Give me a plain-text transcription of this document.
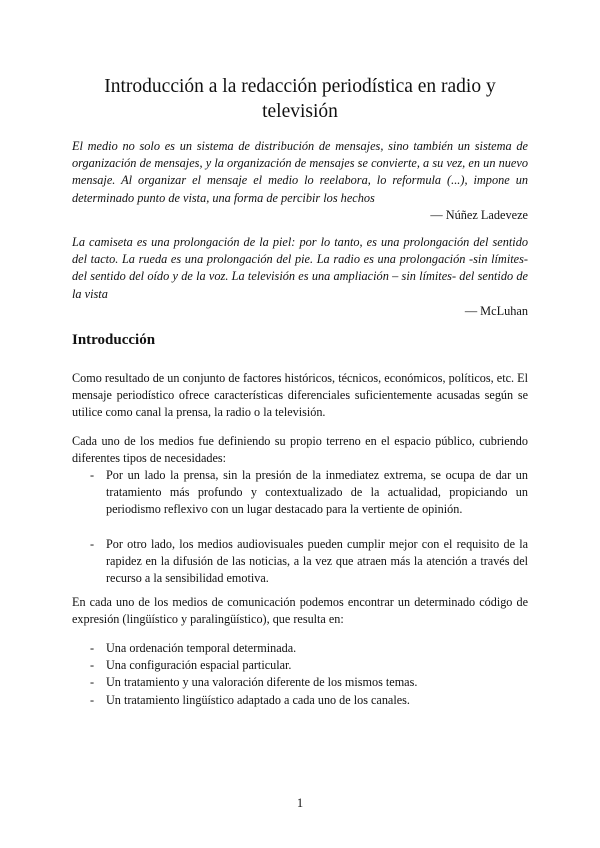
Introducción a la redacción periodística en radio y televisión

El medio no solo es un sistema de distribución de mensajes, sino también un sistema de organización de mensajes, y la organización de mensajes se convierte, a su vez, en un nuevo mensaje. Al organizar el mensaje el medio lo reelabora, lo reformula (...), impone un determinado punto de vista, una forma de percibir los hechos

— Núñez Ladeveze

La camiseta es una prolongación de la piel: por lo tanto, es una prolongación del sentido del tacto. La rueda es una prolongación del pie. La radio es una prolongación -sin límites- del sentido del oído y de la voz. La televisión es una ampliación – sin límites- del sentido de la vista

— McLuhan

Introducción

Como resultado de un conjunto de factores históricos, técnicos, económicos, políticos, etc. El mensaje periodístico ofrece características diferenciales suficientemente acusadas según se utilice como canal la prensa, la radio o la televisión.

Cada uno de los medios fue definiendo su propio terreno en el espacio público, cubriendo diferentes tipos de necesidades:

- Por un lado la prensa, sin la presión de la inmediatez extrema, se ocupa de dar un tratamiento más profundo y contextualizado de la actualidad, propiciando un periodismo reflexivo con un lugar destacado para la vertiente de opinión.
- Por otro lado, los medios audiovisuales pueden cumplir mejor con el requisito de la rapidez en la difusión de las noticias, a la vez que atraen más la atención a través del recurso a la sensibilidad emotiva.

En cada uno de los medios de comunicación podemos encontrar un determinado código de expresión (lingüístico y paralingüístico), que resulta en:

- Una ordenación temporal determinada.
- Una configuración espacial particular.
- Un tratamiento y una valoración diferente de los mismos temas.
- Un tratamiento lingüístico adaptado a cada uno de los canales.
1
